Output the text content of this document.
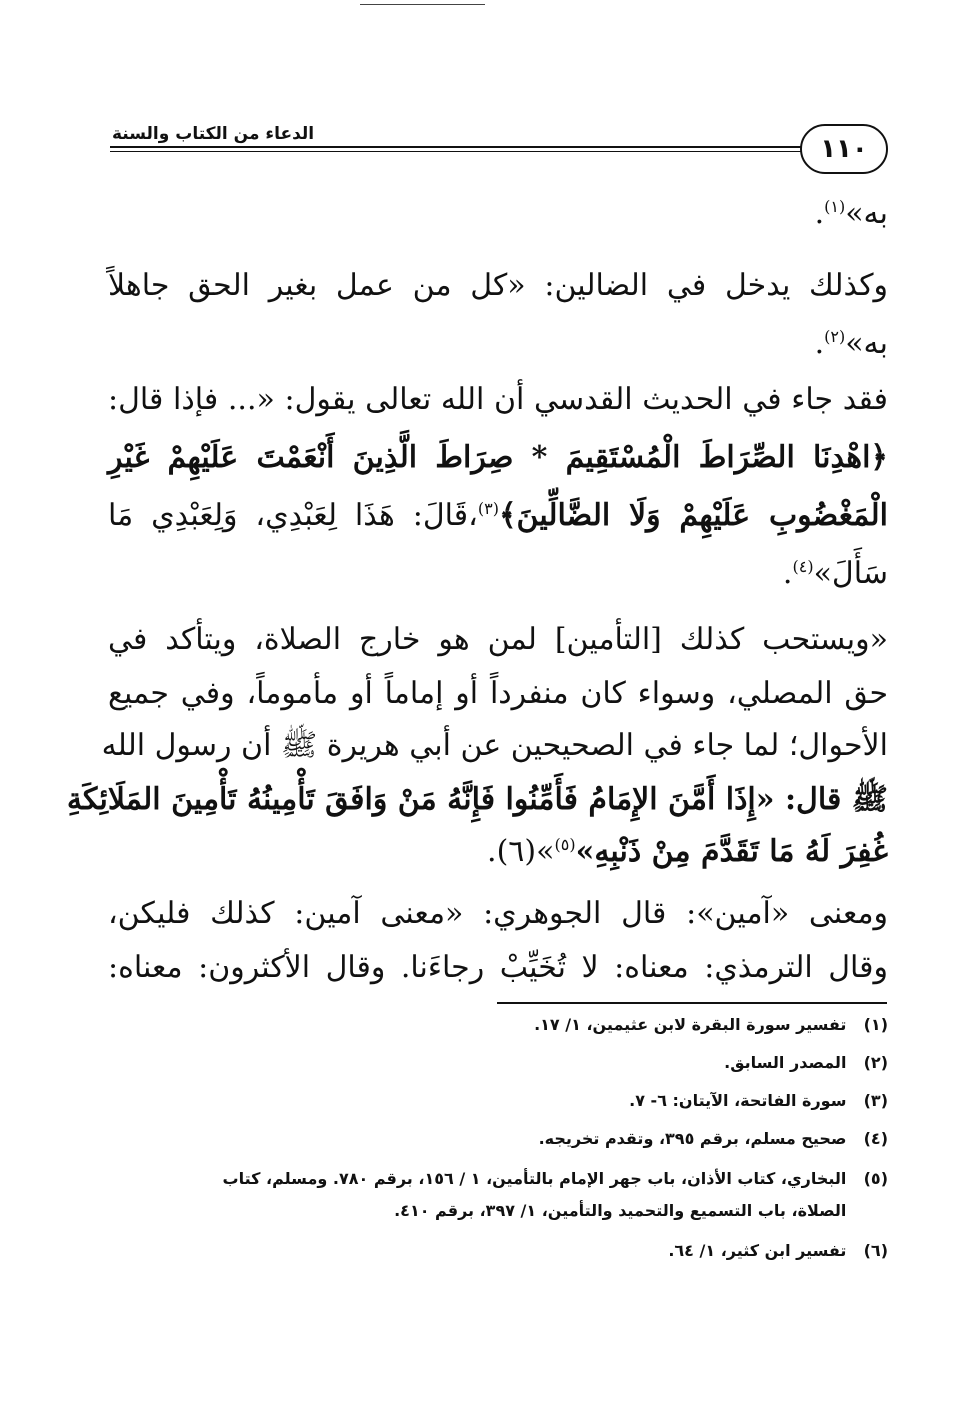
الدعاء من الكتاب والسنة	١١٠
به»$^{(١)}$.
وكذلك يدخل في الضالين: «كل من عمل بغير الحق جاهلاً
به»$^{(٢)}$.
فقد جاء في الحديث القدسي أن الله تعالى يقول: «... فإذا قال:
﴿اهْدِنَا الصِّرَاطَ الْمُسْتَقِيمَ * صِرَاطَ الَّذِينَ أَنْعَمْتَ عَلَيْهِمْ غَيْرِ
الْمَغْضُوبِ عَلَيْهِمْ وَلَا الضَّالِّينَ﴾$^{(٣)}$،قَالَ: هَذَا لِعَبْدِي، وَلِعَبْدِي مَا
سَأَلَ»$^{(٤)}$.
«ويستحب كذلك [التأمين] لمن هو خارج الصلاة، ويتأكد في
حق المصلي، وسواء كان منفرداً أو إماماً أو مأموماً، وفي جميع
الأحوال؛ لما جاء في الصحيحين عن أبي هريرة ﷺ أن رسول الله
ﷺ قال: «إِذَا أَمَّنَ الإِمَامُ فَأَمِّنُوا فَإِنَّهُ مَنْ وَافَقَ تَأْمِينُهُ تَأْمِينَ المَلَائِكَةِ
غُفِرَ لَهُ مَا تَقَدَّمَ مِنْ ذَنْبِهِ»$^{(٥)}$»(٦).
ومعنى «آمين»: قال الجوهري: «معنى آمين: كذلك فليكن،
وقال الترمذي: معناه: لا تُخَيِّبْ رجاءَنا. وقال الأكثرون: معناه:
(١) تفسير سورة البقرة لابن عثيمين، ١/ ١٧.
(٢) المصدر السابق.
(٣) سورة الفاتحة، الآيتان: ٦- ٧.
(٤) صحيح مسلم، برقم ٣٩٥، وتقدم تخريجه.
(٥) البخاري، كتاب الأذان، باب جهر الإمام بالتأمين، ١ / ١٥٦، برقم ٧٨٠. ومسلم، كتاب
الصلاة، باب التسميع والتحميد والتأمين، ١/ ٣٩٧، برقم ٤١٠.
(٦) تفسير ابن كثير، ١/ ٦٤.
